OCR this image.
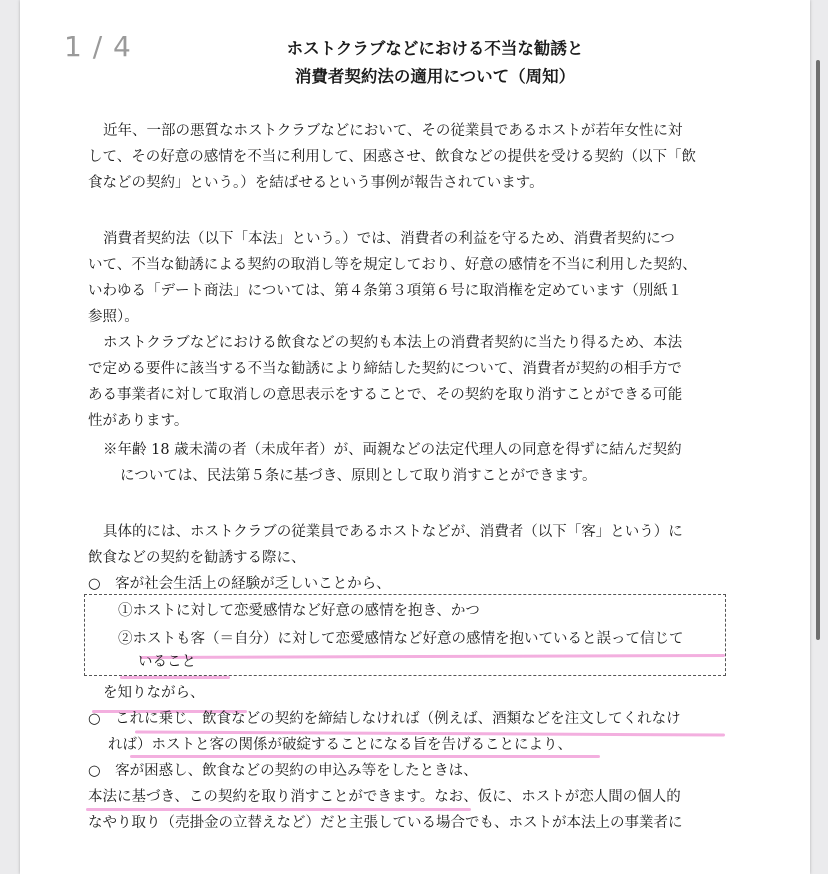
1 / 4	ホストクラブなどにおける不当な勧誘と
消費者契約法の適用について（周知）
近年、一部の悪質なホストクラブなどにおいて、その従業員であるホストが若年女性に対
して、その好意の感情を不当に利用して、困惑させ、飲食などの提供を受ける契約（以下「飲
食などの契約」という。）を結ばせるという事例が報告されています。
消費者契約法（以下「本法」という。）では、消費者の利益を守るため、消費者契約につ
いて、不当な勧誘による契約の取消し等を規定しており、好意の感情を不当に利用した契約、
いわゆる「デート商法」については、第４条第３項第６号に取消権を定めています（別紙１
参照）。
ホストクラブなどにおける飲食などの契約も本法上の消費者契約に当たり得るため、本法
で定める要件に該当する不当な勧誘により締結した契約について、消費者が契約の相手方で
ある事業者に対して取消しの意思表示をすることで、その契約を取り消すことができる可能
性があります。
※年齢 18 歳未満の者（未成年者）が、両親などの法定代理人の同意を得ずに結んだ契約
については、民法第５条に基づき、原則として取り消すことができます。
具体的には、ホストクラブの従業員であるホストなどが、消費者（以下「客」という）に
飲食などの契約を勧誘する際に、
○　客が社会生活上の経験が乏しいことから、
①ホストに対して恋愛感情など好意の感情を抱き、かつ
②ホストも客（＝自分）に対して恋愛感情など好意の感情を抱いていると誤って信じて
いること
を知りながら、
○　これに乗じ、飲食などの契約を締結しなければ（例えば、酒類などを注文してくれなけ
れば）ホストと客の関係が破綻することになる旨を告げることにより、
○　客が困惑し、飲食などの契約の申込み等をしたときは、
本法に基づき、この契約を取り消すことができます。なお、仮に、ホストが恋人間の個人的
なやり取り（売掛金の立替えなど）だと主張している場合でも、ホストが本法上の事業者に
